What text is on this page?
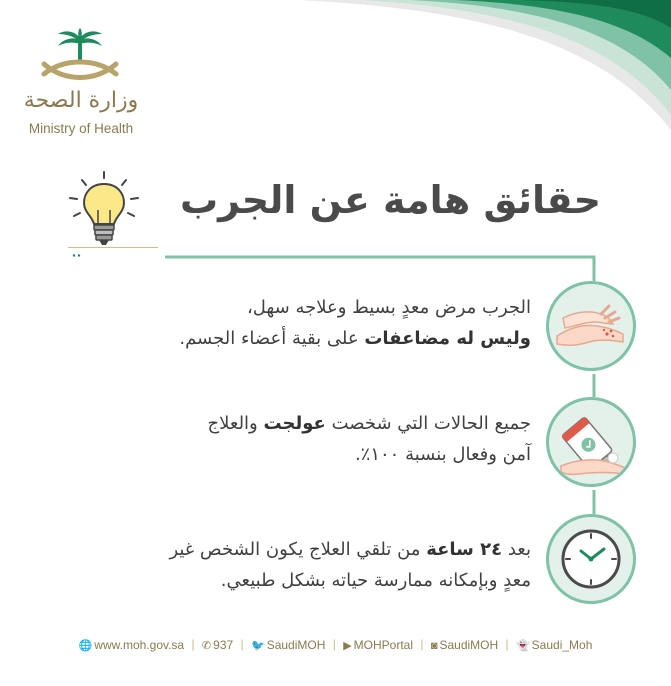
وزارة الصحة
Ministry of Health
حقائق هامة عن الجرب
الجرب مرض معدٍ بسيط وعلاجه سهل،
وليس له مضاعفات على بقية أعضاء الجسم.
جميع الحالات التي شخصت عولجت والعلاج
آمن وفعال بنسبة ١٠٠٪.
بعد ٢٤ ساعة من تلقي العلاج يكون الشخص غير
معدٍ وبإمكانه ممارسة حياته بشكل طبيعي.
🌐 www.moh.gov.sa | ✆ 937 | 🐦 SaudiMOH | ▶ MOHPortal | ◙ SaudiMOH | 👻 Saudi_Moh
